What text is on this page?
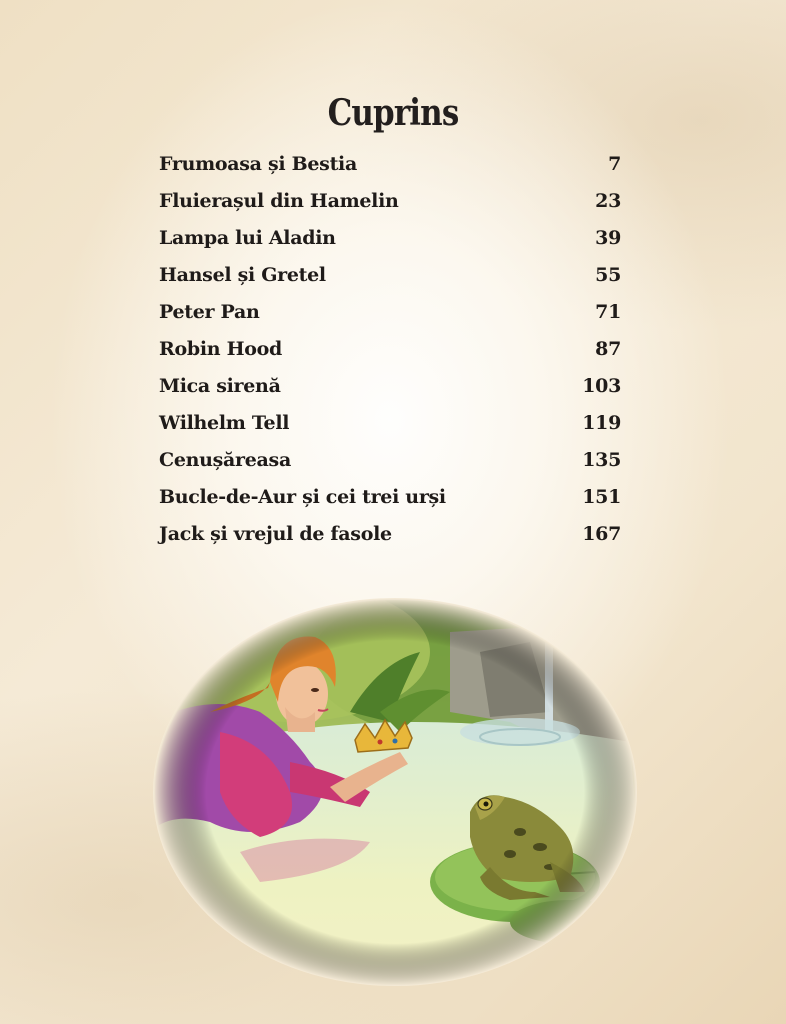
Cuprins
Frumoasa și Bestia	7
Fluierașul din Hamelin	23
Lampa lui Aladin	39
Hansel și Gretel	55
Peter Pan	71
Robin Hood	87
Mica sirenă	103
Wilhelm Tell	119
Cenușăreasa	135
Bucle-de-Aur și cei trei urși	151
Jack și vrejul de fasole	167
